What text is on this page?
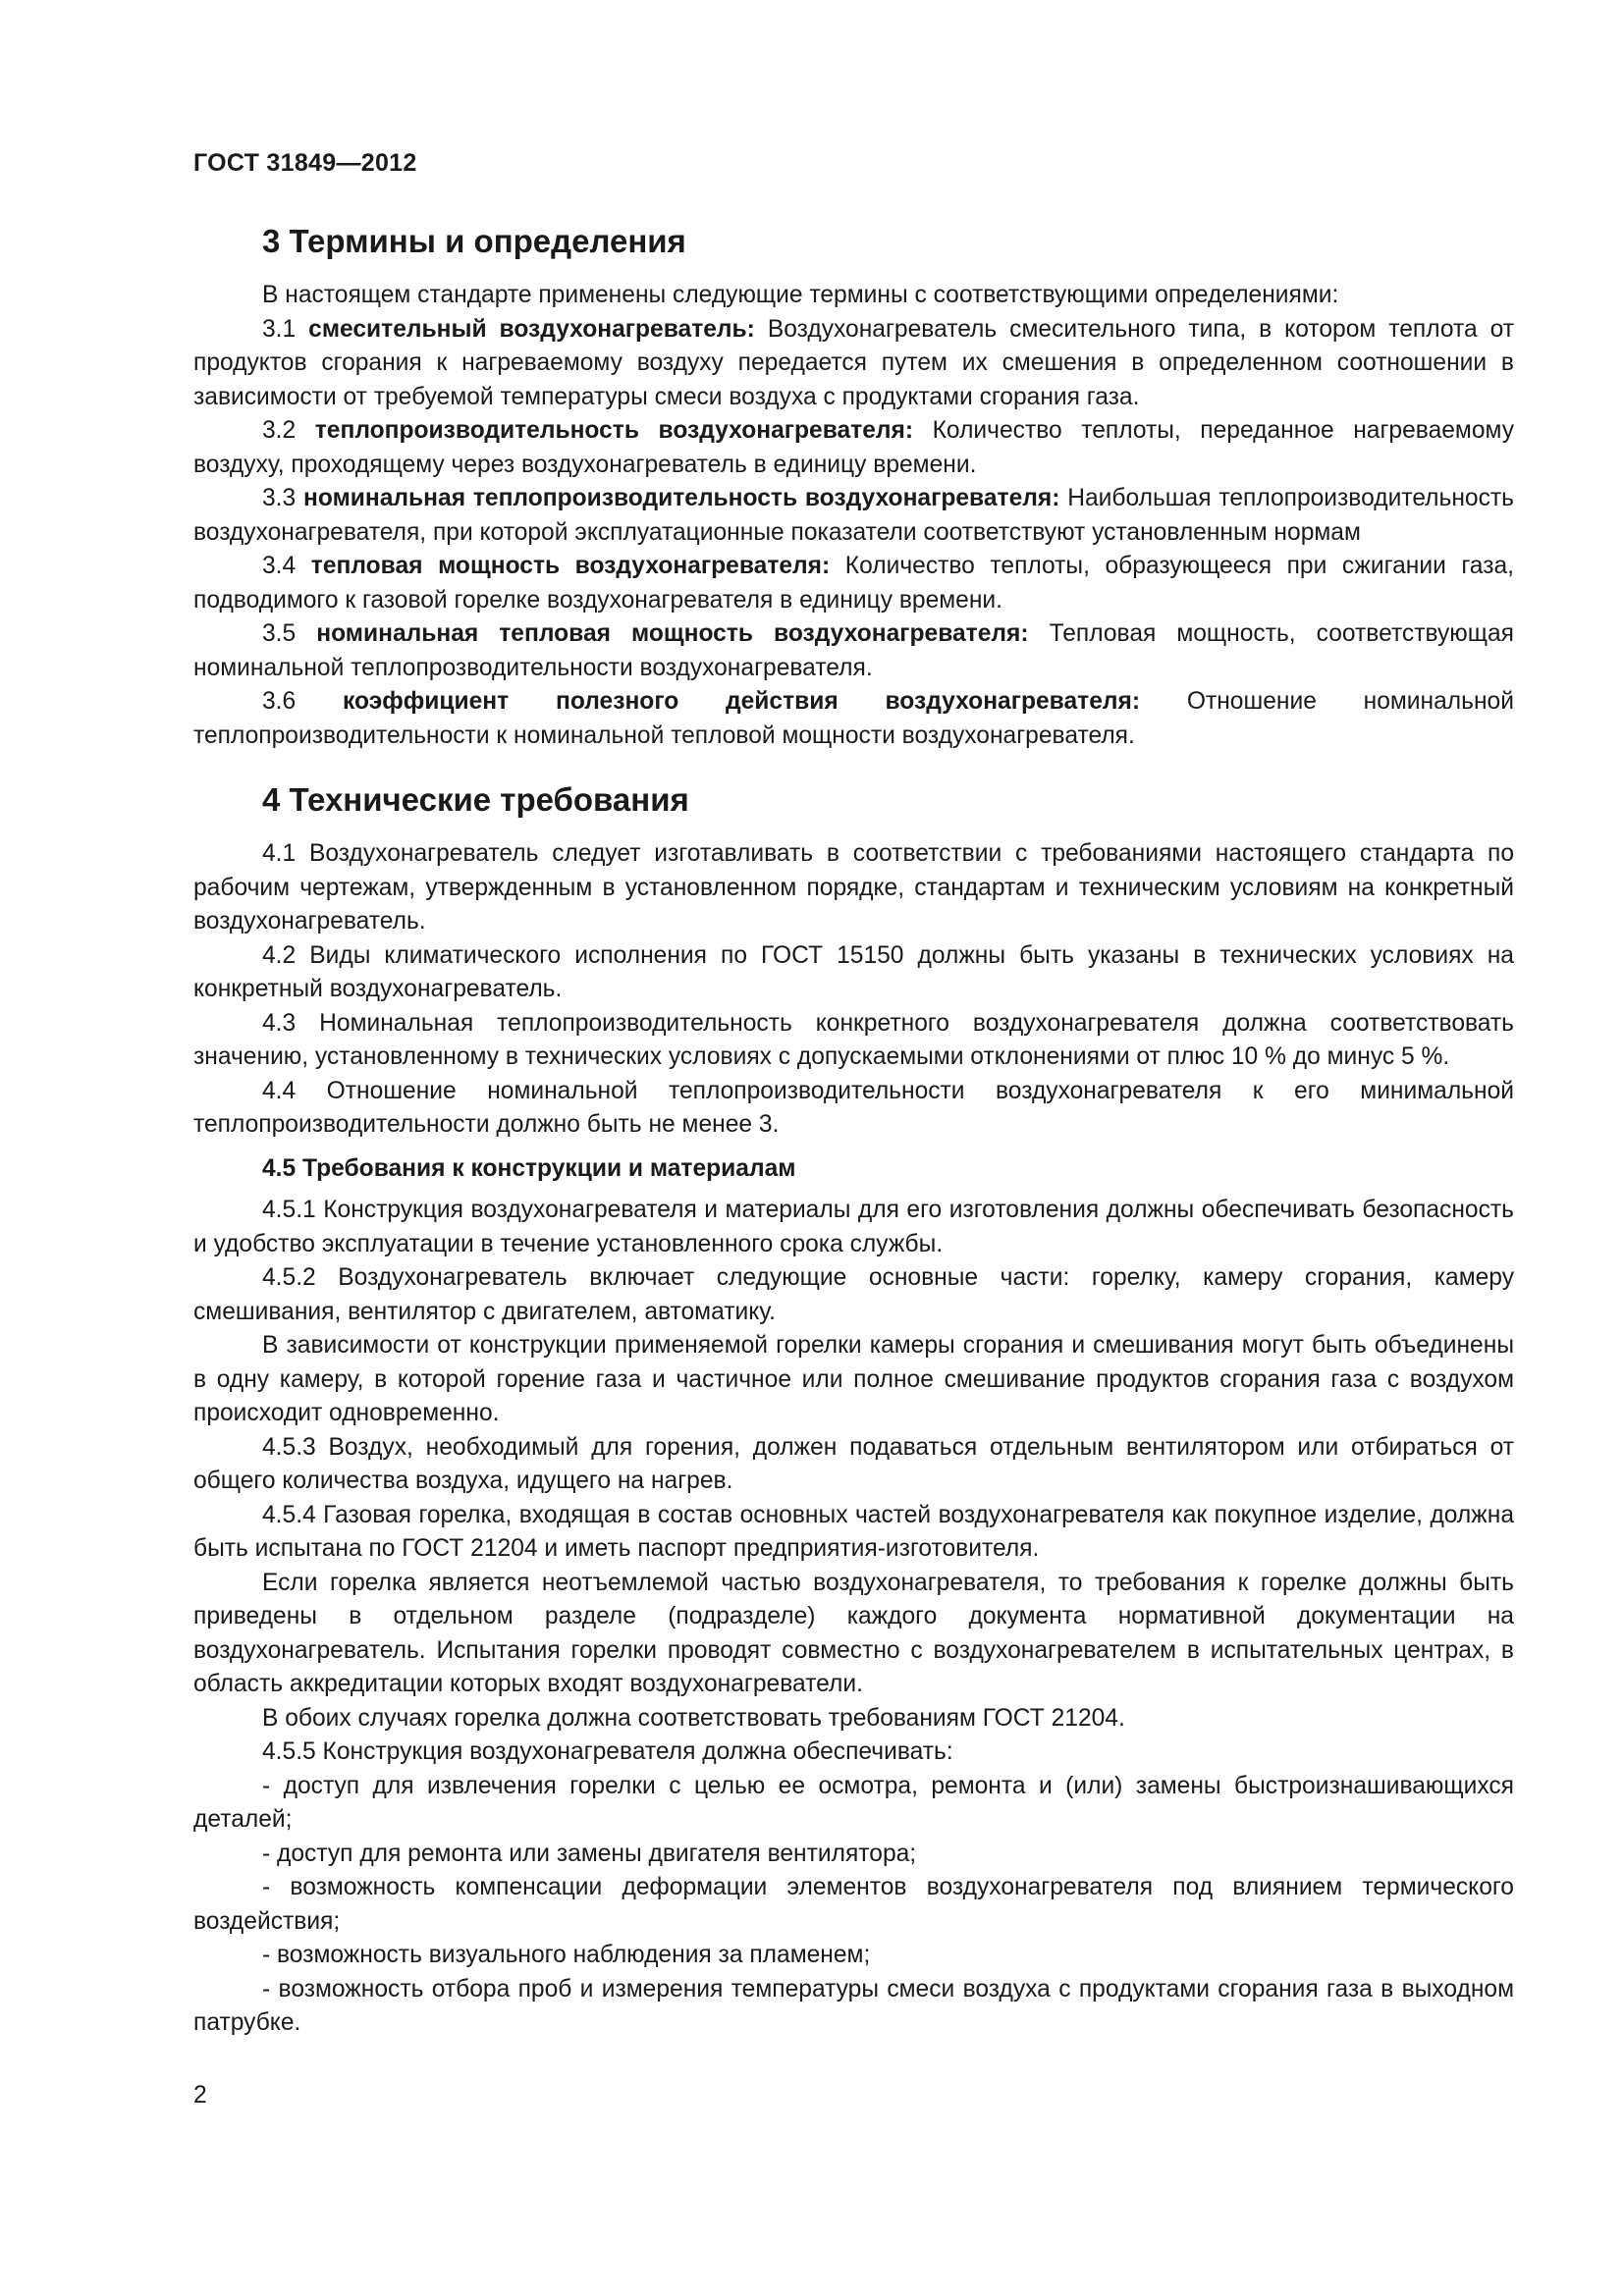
ГОСТ 31849—2012
3 Термины и определения

В настоящем стандарте применены следующие термины с соответствующими определениями:

3.1 смесительный воздухонагреватель: Воздухонагреватель смесительного типа, в котором теплота от продуктов сгорания к нагреваемому воздуху передается путем их смешения в определенном соотношении в зависимости от требуемой температуры смеси воздуха с продуктами сгорания газа.

3.2 теплопроизводительность воздухонагревателя: Количество теплоты, переданное нагреваемому воздуху, проходящему через воздухонагреватель в единицу времени.

3.3 номинальная теплопроизводительность воздухонагревателя: Наибольшая теплопроизводительность воздухонагревателя, при которой эксплуатационные показатели соответствуют установленным нормам

3.4 тепловая мощность воздухонагревателя: Количество теплоты, образующееся при сжигании газа, подводимого к газовой горелке воздухонагревателя в единицу времени.

3.5 номинальная тепловая мощность воздухонагревателя: Тепловая мощность, соответствующая номинальной теплопрозводительности воздухонагревателя.

3.6 коэффициент полезного действия воздухонагревателя: Отношение номинальной теплопроизводительности к номинальной тепловой мощности воздухонагревателя.

4 Технические требования

4.1 Воздухонагреватель следует изготавливать в соответствии с требованиями настоящего стандарта по рабочим чертежам, утвержденным в установленном порядке, стандартам и техническим условиям на конкретный воздухонагреватель.

4.2 Виды климатического исполнения по ГОСТ 15150 должны быть указаны в технических условиях на конкретный воздухонагреватель.

4.3 Номинальная теплопроизводительность конкретного воздухонагревателя должна соответствовать значению, установленному в технических условиях с допускаемыми отклонениями от плюс 10 % до минус 5 %.

4.4 Отношение номинальной теплопроизводительности воздухонагревателя к его минимальной теплопроизводительности должно быть не менее 3.

4.5 Требования к конструкции и материалам

4.5.1 Конструкция воздухонагревателя и материалы для его изготовления должны обеспечивать безопасность и удобство эксплуатации в течение установленного срока службы.

4.5.2 Воздухонагреватель включает следующие основные части: горелку, камеру сгорания, камеру смешивания, вентилятор с двигателем, автоматику.

В зависимости от конструкции применяемой горелки камеры сгорания и смешивания могут быть объединены в одну камеру, в которой горение газа и частичное или полное смешивание продуктов сгорания газа с воздухом происходит одновременно.

4.5.3 Воздух, необходимый для горения, должен подаваться отдельным вентилятором или отбираться от общего количества воздуха, идущего на нагрев.

4.5.4 Газовая горелка, входящая в состав основных частей воздухонагревателя как покупное изделие, должна быть испытана по ГОСТ 21204 и иметь паспорт предприятия-изготовителя.

Если горелка является неотъемлемой частью воздухонагревателя, то требования к горелке должны быть приведены в отдельном разделе (подразделе) каждого документа нормативной документации на воздухонагреватель. Испытания горелки проводят совместно с воздухонагревателем в испытательных центрах, в область аккредитации которых входят воздухонагреватели.

В обоих случаях горелка должна соответствовать требованиям ГОСТ 21204.

4.5.5 Конструкция воздухонагревателя должна обеспечивать:

- доступ для извлечения горелки с целью ее осмотра, ремонта и (или) замены быстроизнашивающихся деталей;

- доступ для ремонта или замены двигателя вентилятора;

- возможность компенсации деформации элементов воздухонагревателя под влиянием термического воздействия;

- возможность визуального наблюдения за пламенем;

- возможность отбора проб и измерения температуры смеси воздуха с продуктами сгорания газа в выходном патрубке.

2
